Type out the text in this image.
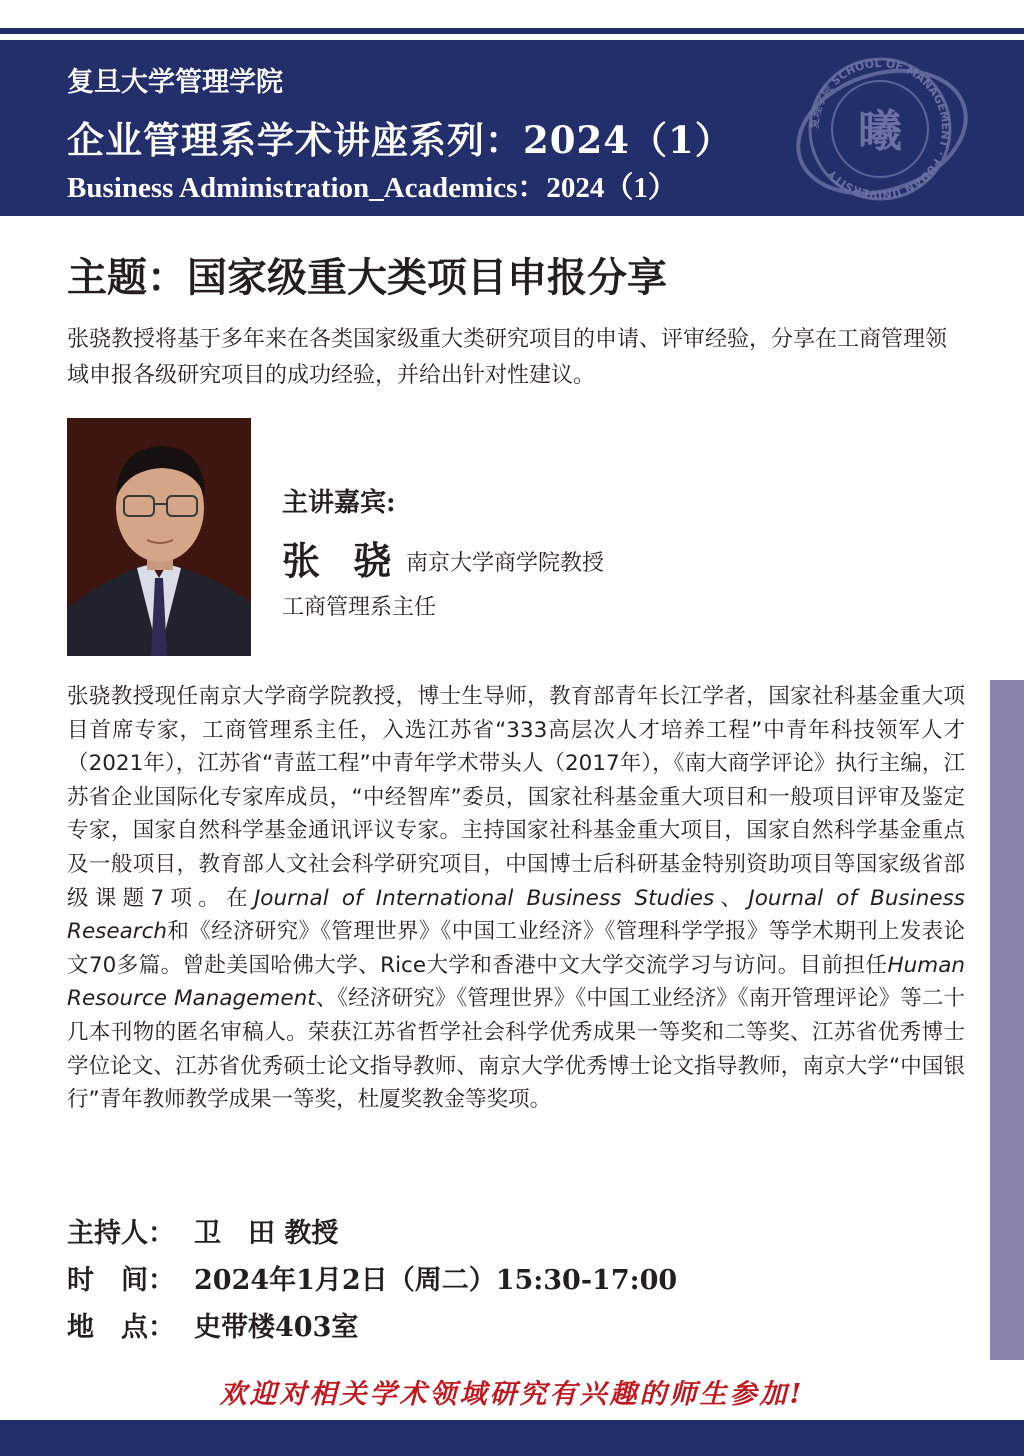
复旦大学管理学院
企业管理系学术讲座系列：2024（1）
Business Administration_Academics：2024（1）
复理学院 SCHOOL OF MANAGEMENT · FUDAN UNIVERSITY
曦
主题：国家级重大类项目申报分享
张骁教授将基于多年来在各类国家级重大类研究项目的申请、评审经验，分享在工商管理领域申报各级研究项目的成功经验，并给出针对性建议。
主讲嘉宾:
张 骁 南京大学商学院教授
工商管理系主任
张骁教授现任南京大学商学院教授，博士生导师，教育部青年长江学者，国家社科基金重大项目首席专家，工商管理系主任，入选江苏省“333高层次人才培养工程”中青年科技领军人才（2021年），江苏省“青蓝工程”中青年学术带头人（2017年），《南大商学评论》执行主编，江苏省企业国际化专家库成员，“中经智库”委员，国家社科基金重大项目和一般项目评审及鉴定专家，国家自然科学基金通讯评议专家。主持国家社科基金重大项目，国家自然科学基金重点及一般项目，教育部人文社会科学研究项目，中国博士后科研基金特别资助项目等国家级省部级课题7项。在Journal of International Business Studies、Journal of Business Research和《经济研究》《管理世界》《中国工业经济》《管理科学学报》等学术期刊上发表论文70多篇。曾赴美国哈佛大学、Rice大学和香港中文大学交流学习与访问。目前担任Human Resource Management、《经济研究》《管理世界》《中国工业经济》《南开管理评论》等二十几本刊物的匿名审稿人。荣获江苏省哲学社会科学优秀成果一等奖和二等奖、江苏省优秀博士学位论文、江苏省优秀硕士论文指导教师、南京大学优秀博士论文指导教师，南京大学“中国银行”青年教师教学成果一等奖，杜厦奖教金等奖项。
主持人： 卫　田 教授
时　间： 2024年1月2日（周二）15:30-17:00
地　点： 史带楼403室
欢迎对相关学术领域研究有兴趣的师生参加!
